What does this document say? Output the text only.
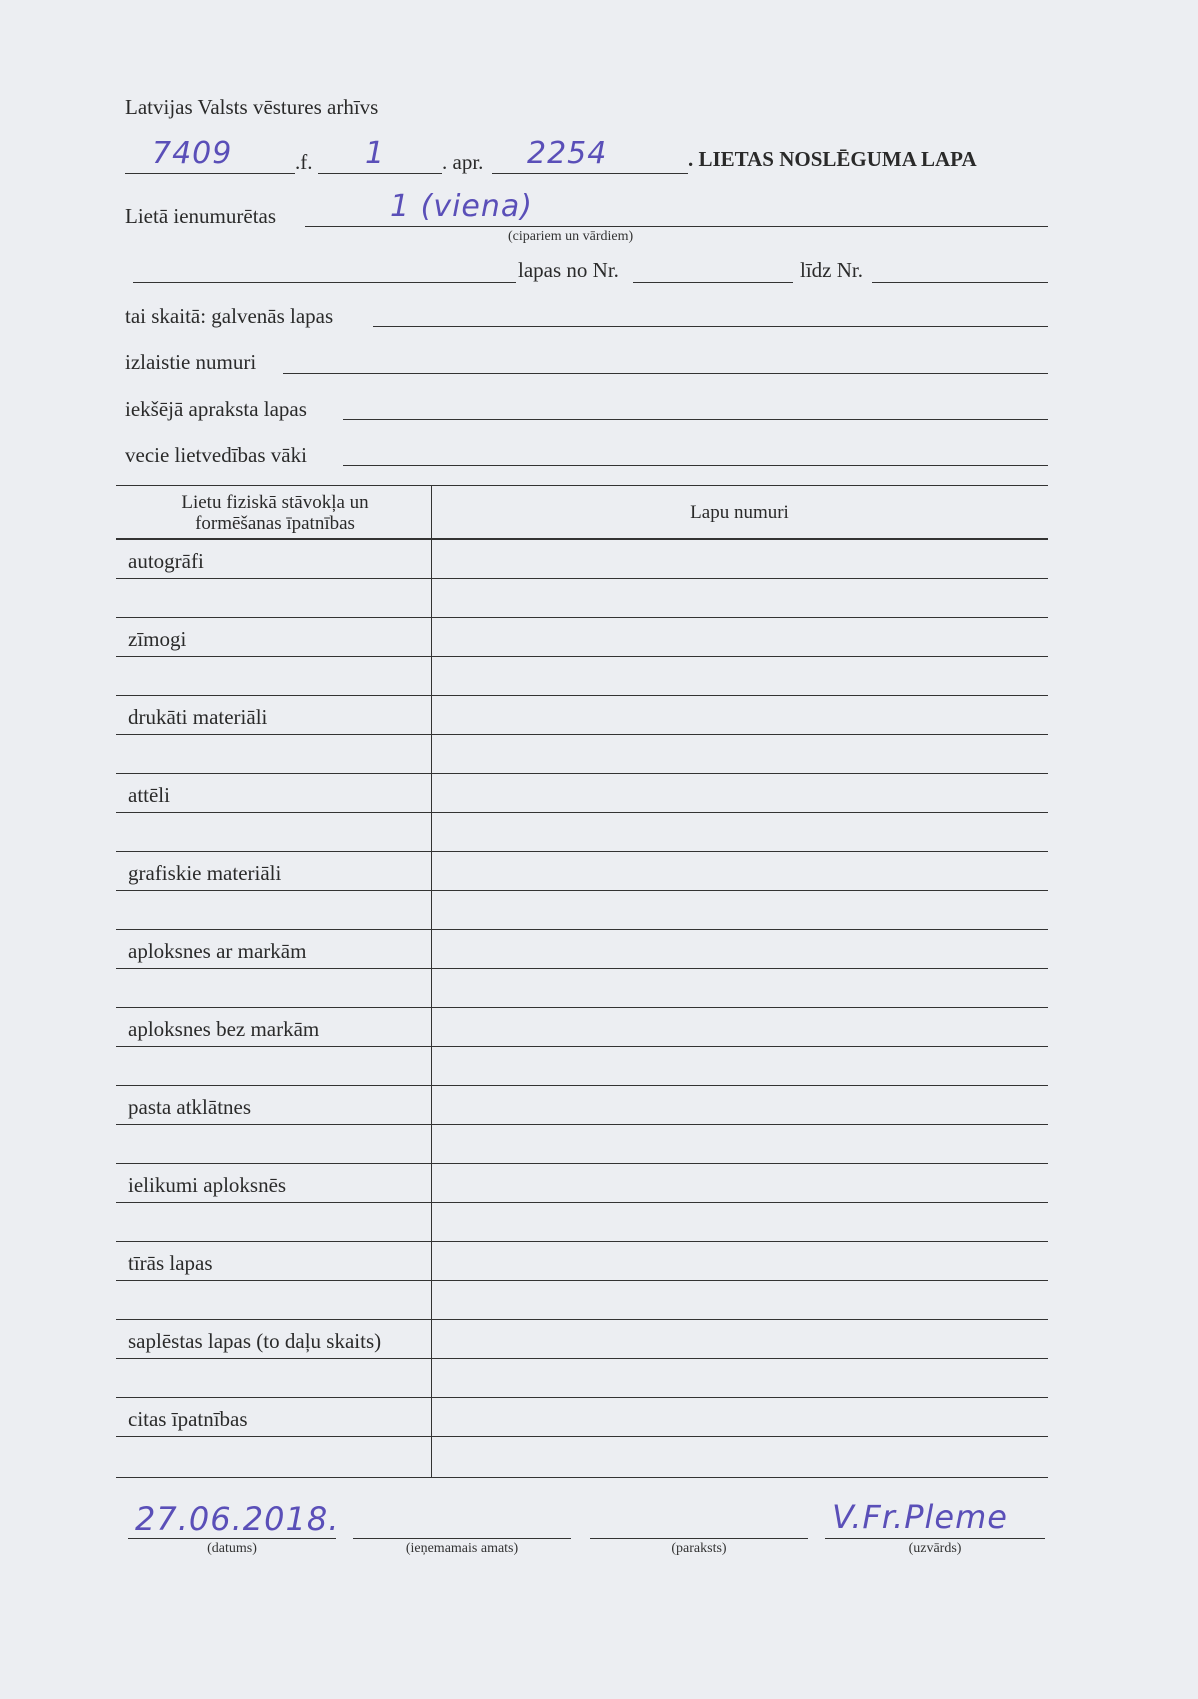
Latvijas Valsts vēstures arhīvs
7409	.f. 1	. apr. 2254	. LIETAS NOSLĒGUMA LAPA
Lietā ienumurētas	1 (viena)
(cipariem un vārdiem)
lapas no Nr.	līdz Nr.
tai skaitā: galvenās lapas
izlaistie numuri
iekšējā apraksta lapas
vecie lietvedības vāki
Lietu fiziskā stāvokļa un formēšanas īpatnības
Lapu numuri
autogrāfi
zīmogi
drukāti materiāli
attēli
grafiskie materiāli
aploksnes ar markām
aploksnes bez markām
pasta atklātnes
ielikumi aploksnēs
tīrās lapas
saplēstas lapas (to daļu skaits)
citas īpatnības
27.06.2018.
(datums)	(ieņemamais amats)	(paraksts)
V.Fr.Pleme
(uzvārds)
